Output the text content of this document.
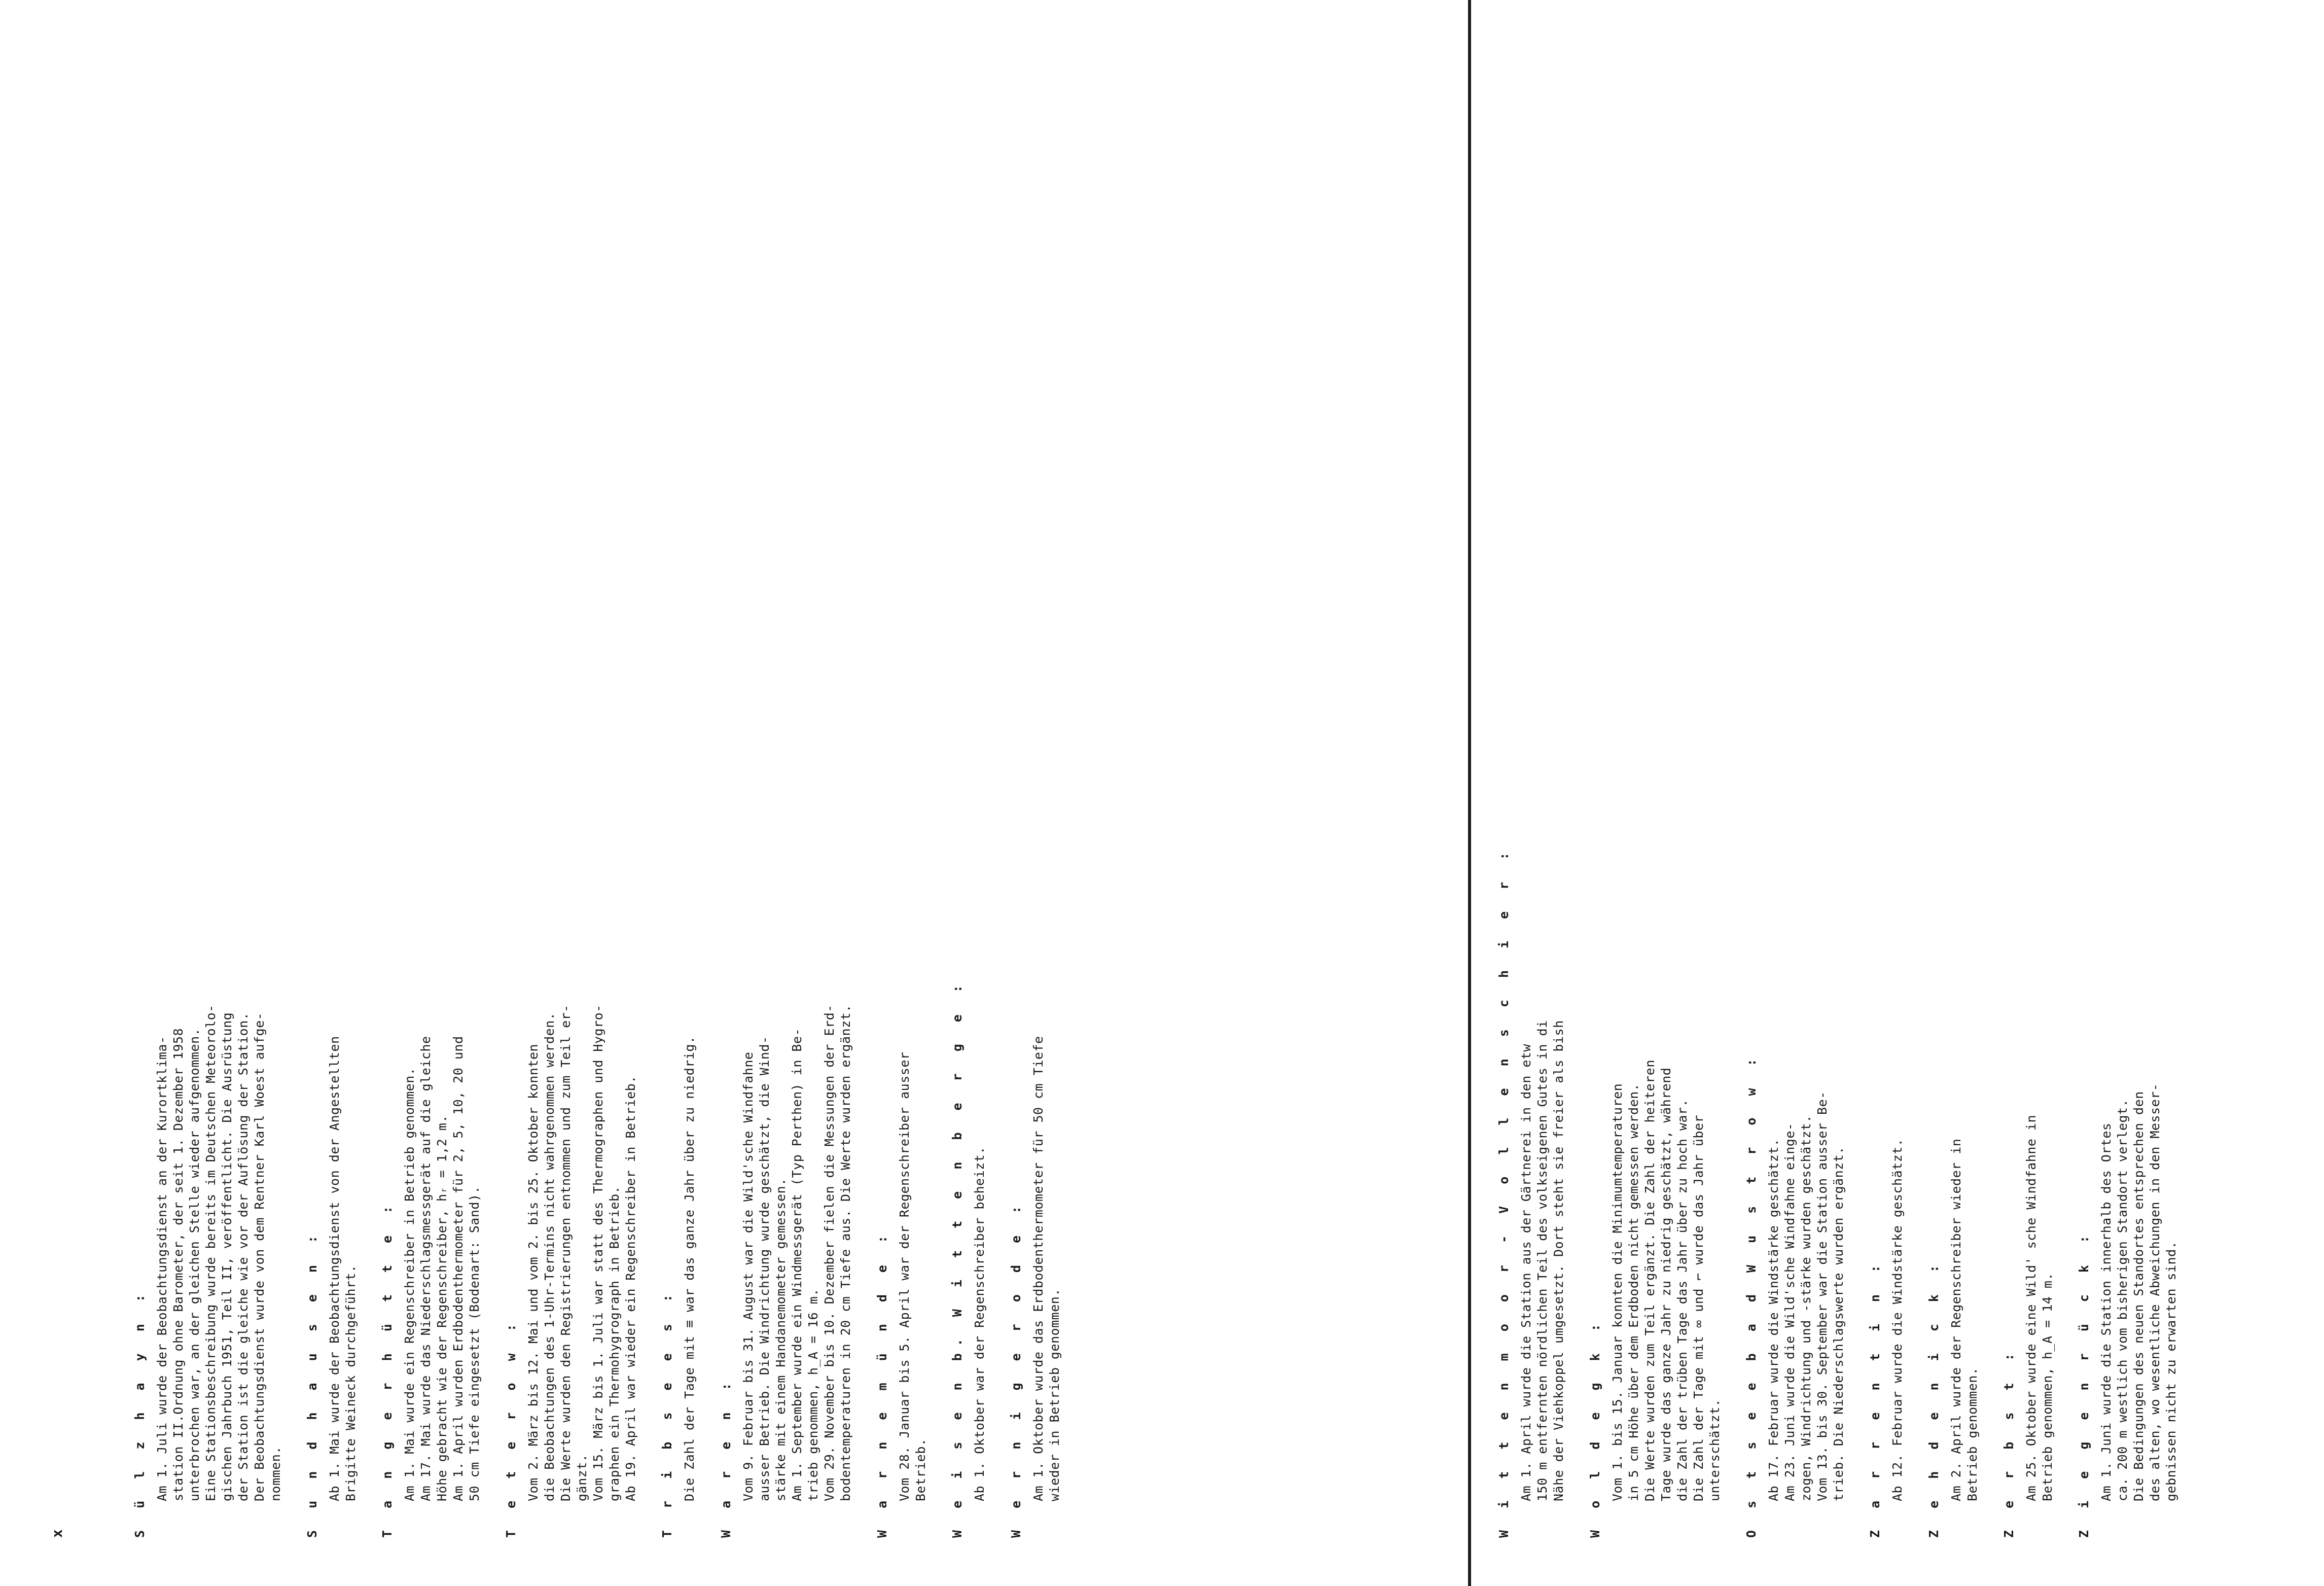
x	S ü l z h a y n : Am 1. Juli wurde der Beobachtungsdienst an der Kurortklima- station II.Ordnung ohne Barometer, der seit 1. Dezember 1958 unterbrochen war, an der gleichen Stelle wieder aufgenommen. Eine Stationsbeschreibung wurde bereits im Deutschen Meteorolo- gischen Jahrbuch 1951, Teil II, veröffentlicht. Die Ausrüstung der Station ist die gleiche wie vor der Auflösung der Station. Der Beobachtungsdienst wurde von dem Rentner Karl Woest aufge- nommen. S u n d h a u s e n : Ab 1. Mai wurde der Beobachtungsdienst von der Angestellten Brigitte Weineck durchgeführt. T a n g e r h ü t t e : Am 1. Mai wurde ein Regenschreiber in Betrieb genommen. Am 17. Mai wurde das Niederschlagsmessgerät auf die gleiche Höhe gebracht wie der Regenschreiber, hᵣ = 1,2 m. Am 1. April wurden Erdbodenthermometer für 2, 5, 10, 20 und 50 cm Tiefe eingesetzt (Bodenart: Sand). T e t e r o w : Vom 2. März bis 12. Mai und vom 2. bis 25. Oktober konnten die Beobachtungen des 1-Uhr-Termins nicht wahrgenommen werden. Die Werte wurden den Registrierungen entnommen und zum Teil er- gänzt. Vom 15. März bis 1. Juli war statt des Thermographen und Hygro- graphen ein Thermohygrograph in Betrieb. Ab 19. April war wieder ein Regenschreiber in Betrieb. T r i b s e e s : Die Zahl der Tage mit ≡ war das ganze Jahr über zu niedrig. W a r e n : Vom 9. Februar bis 31. August war die Wild'sche Windfahne ausser Betrieb. Die Windrichtung wurde geschätzt, die Wind- stärke mit einem Handanemometer gemessen. Am 1. September wurde ein Windmessgerät (Typ Perthen) in Be- trieb genommen, h_A = 16 m. Vom 29. November bis 10. Dezember fielen die Messungen der Erd- bodentemperaturen in 20 cm Tiefe aus. Die Werte wurden ergänzt. W a r n e m ü n d e : Vom 28. Januar bis 5. April war der Regenschreiber ausser Betrieb. W e i s e n b. W i t t e n b e r g e : Ab 1. Oktober war der Regenschreiber beheizt. W e r n i g e r o d e : Am 1. Oktober wurde das Erdbodenthermometer für 50 cm Tiefe wieder in Betrieb genommen.	W i t t e n m o o r - V o l l e n s c h i e r : Am 1. April wurde die Station aus der Gärtnerei in den etw 150 m entfernten nördlichen Teil des volkseigenen Gutes in di Nähe der Viehkoppel umgesetzt. Dort steht sie freier als bish W o l d e g k : Vom 1. bis 15. Januar konnten die Minimumtemperaturen in 5 cm Höhe über dem Erdboden nicht gemessen werden. Die Werte wurden zum Teil ergänzt. Die Zahl der heiteren Tage wurde das ganze Jahr zu niedrig geschätzt, während die Zahl der trüben Tage das Jahr über zu hoch war. Die Zahl der Tage mit ∞ und ⌐ wurde das Jahr über unterschätzt. O s t s e e b a d W u s t r o w : Ab 17. Februar wurde die Windstärke geschätzt. Am 23. Juni wurde die Wild'sche Windfahne einge- zogen, Windrichtung und -stärke wurden geschätzt. Vom 13. bis 30. September war die Station ausser Be- trieb. Die Niederschlagswerte wurden ergänzt. Z a r r e n t i n : Ab 12. Februar wurde die Windstärke geschätzt. Z e h d e n i c k : Am 2. April wurde der Regenschreiber wieder in Betrieb genommen. Z e r b s t : Am 25. Oktober wurde eine Wild' sche Windfahne in Betrieb genommen, h_A = 14 m. Z i e g e n r ü c k : Am 1. Juni wurde die Station innerhalb des Ortes ca. 200 m westlich vom bisherigen Standort verlegt. Die Bedingungen des neuen Standortes entsprechen den des alten, wo wesentliche Abweichungen in den Messer- gebnissen nicht zu erwarten sind.
